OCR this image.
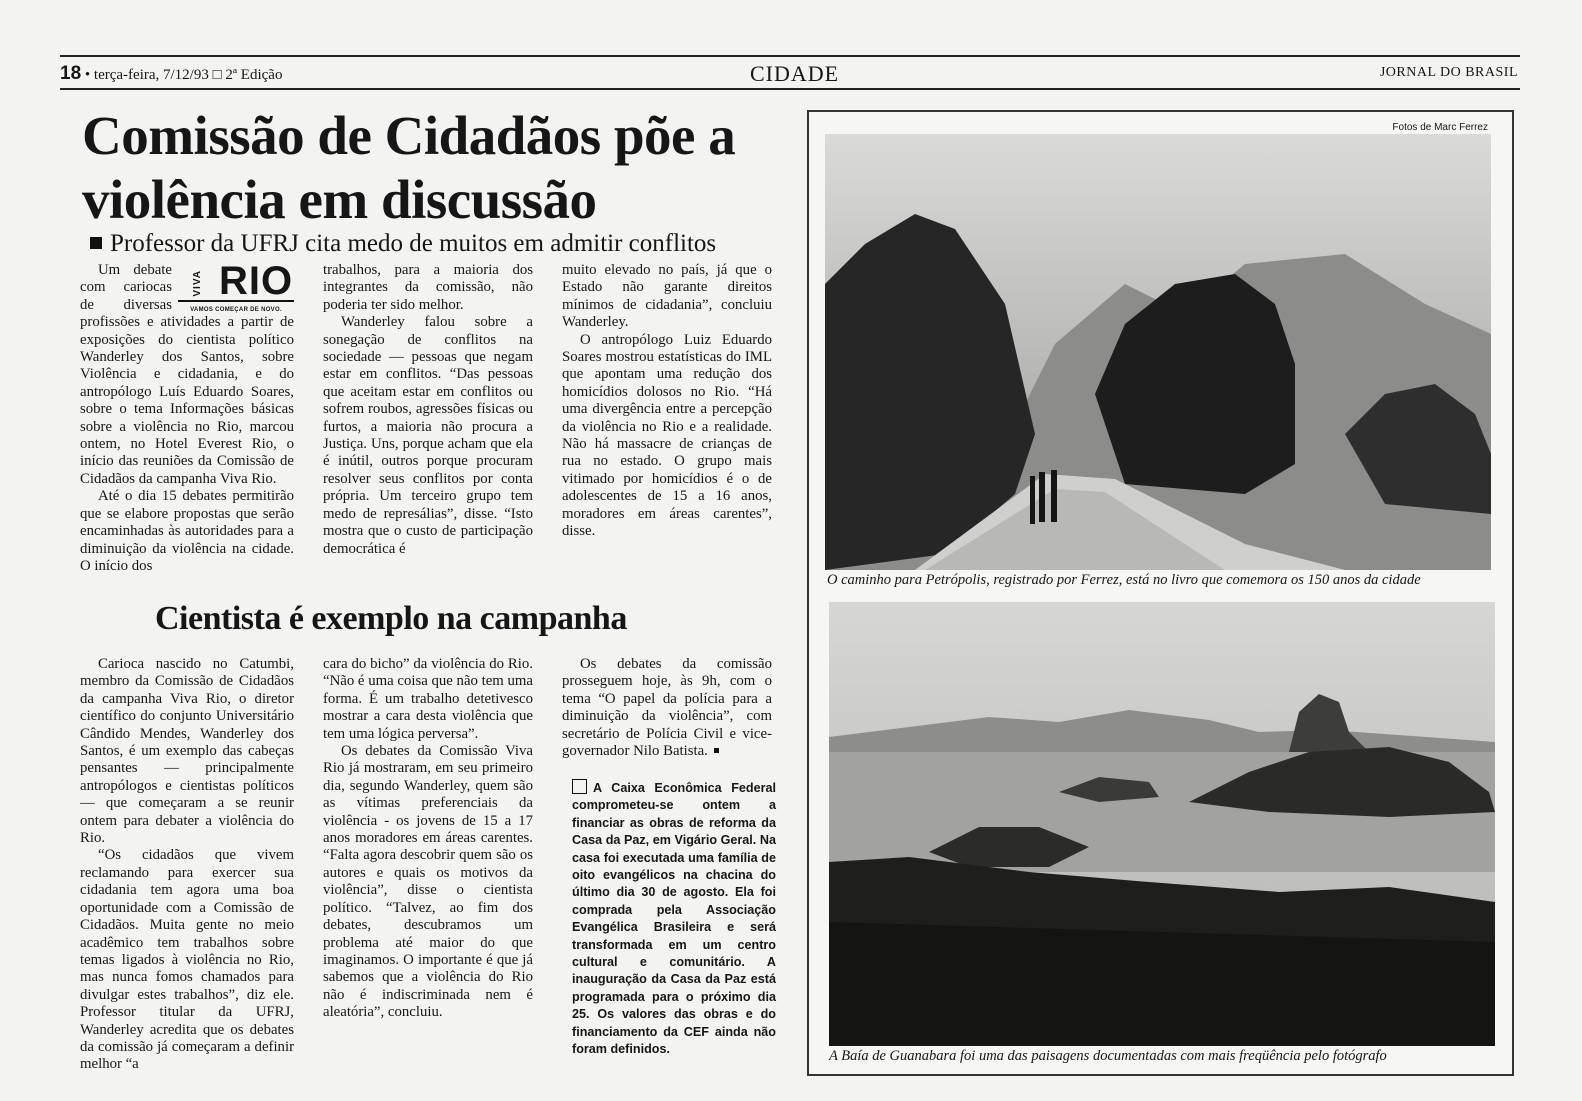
18 • terça-feira, 7/12/93 □ 2ª Edição	CIDADE	JORNAL DO BRASIL
Comissão de Cidadãos põe a violência em discussão

Professor da UFRJ cita medo de muitos em admitir conflitos

VIVA RIO
VAMOS COMEÇAR DE NOVO.

Um debate com cariocas de diversas profissões e atividades a partir de exposições do cientista político Wanderley dos Santos, sobre Violência e cidadania, e do antropólogo Luís Eduardo Soares, sobre o tema Informações básicas sobre a violência no Rio, marcou ontem, no Hotel Everest Rio, o início das reuniões da Comissão de Cidadãos da campanha Viva Rio.

Até o dia 15 debates permitirão que se elabore propostas que serão encaminhadas às autoridades para a diminuição da violência na cidade. O início dos

trabalhos, para a maioria dos integrantes da comissão, não poderia ter sido melhor.

Wanderley falou sobre a sonegação de conflitos na sociedade — pessoas que negam estar em conflitos. “Das pessoas que aceitam estar em conflitos ou sofrem roubos, agressões físicas ou furtos, a maioria não procura a Justiça. Uns, porque acham que ela é inútil, outros porque procuram resolver seus conflitos por conta própria. Um terceiro grupo tem medo de represálias”, disse. “Isto mostra que o custo de participação democrática é

muito elevado no país, já que o Estado não garante direitos mínimos de cidadania”, concluiu Wanderley.

O antropólogo Luiz Eduardo Soares mostrou estatísticas do IML que apontam uma redução dos homicídios dolosos no Rio. “Há uma divergência entre a percepção da violência no Rio e a realidade. Não há massacre de crianças de rua no estado. O grupo mais vitimado por homicídios é o de adolescentes de 15 a 16 anos, moradores em áreas carentes”, disse.

Cientista é exemplo na campanha

Carioca nascido no Catumbi, membro da Comissão de Cidadãos da campanha Viva Rio, o diretor científico do conjunto Universitário Cândido Mendes, Wanderley dos Santos, é um exemplo das cabeças pensantes — principalmente antropólogos e cientistas políticos — que começaram a se reunir ontem para debater a violência do Rio.

“Os cidadãos que vivem reclamando para exercer sua cidadania tem agora uma boa oportunidade com a Comissão de Cidadãos. Muita gente no meio acadêmico tem trabalhos sobre temas ligados à violência no Rio, mas nunca fomos chamados para divulgar estes trabalhos”, diz ele. Professor titular da UFRJ, Wanderley acredita que os debates da comissão já começaram a definir melhor “a

cara do bicho” da violência do Rio. “Não é uma coisa que não tem uma forma. É um trabalho detetivesco mostrar a cara desta violência que tem uma lógica perversa”.

Os debates da Comissão Viva Rio já mostraram, em seu primeiro dia, segundo Wanderley, quem são as vítimas preferenciais da violência - os jovens de 15 a 17 anos moradores em áreas carentes. “Falta agora descobrir quem são os autores e quais os motivos da violência”, disse o cientista político. “Talvez, ao fim dos debates, descubramos um problema até maior do que imaginamos. O importante é que já sabemos que a violência do Rio não é indiscriminada nem é aleatória”, concluiu.

Os debates da comissão prosseguem hoje, às 9h, com o tema “O papel da polícia para a diminuição da violência”, com secretário de Polícia Civil e vice-governador Nilo Batista.

A Caixa Econômica Federal comprometeu-se ontem a financiar as obras de reforma da Casa da Paz, em Vigário Geral. Na casa foi executada uma família de oito evangélicos na chacina do último dia 30 de agosto. Ela foi comprada pela Associação Evangélica Brasileira e será transformada em um centro cultural e comunitário. A inauguração da Casa da Paz está programada para o próximo dia 25. Os valores das obras e do financiamento da CEF ainda não foram definidos.
Fotos de Marc Ferrez
O caminho para Petrópolis, registrado por Ferrez, está no livro que comemora os 150 anos da cidade
A Baía de Guanabara foi uma das paisagens documentadas com mais freqüência pelo fotógrafo
